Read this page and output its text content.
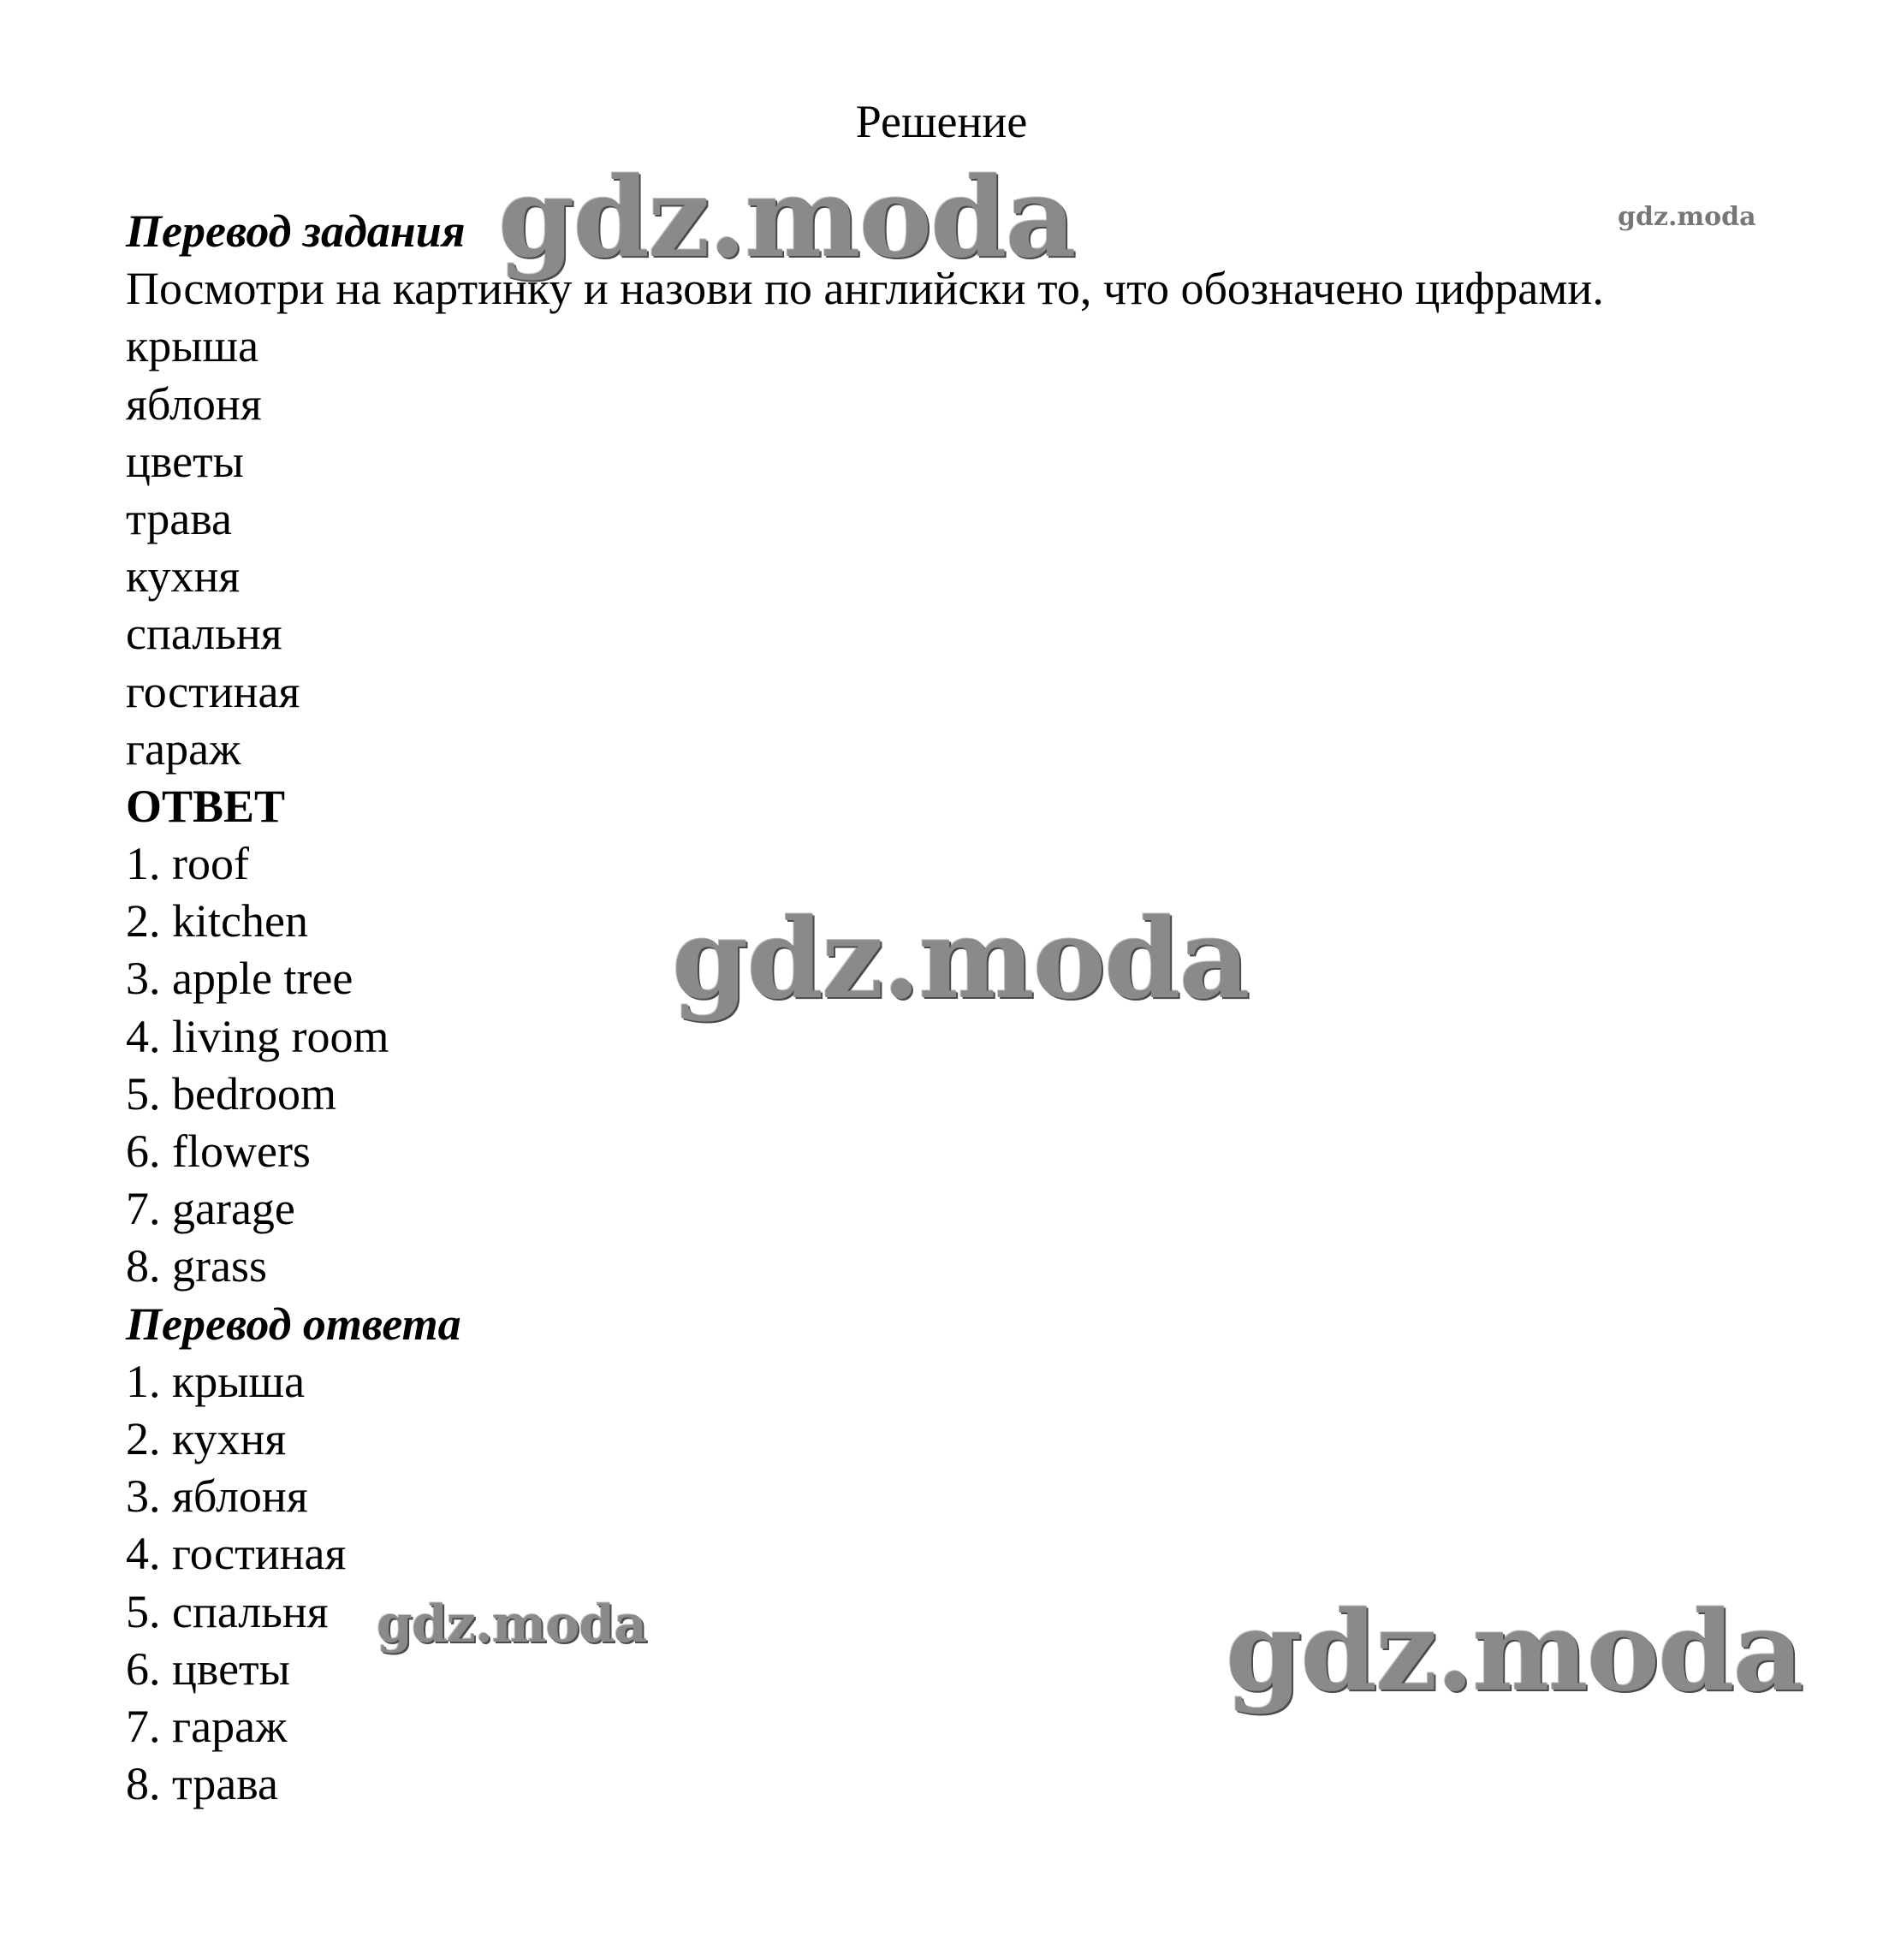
Решение
Перевод задания
Посмотри на картинку и назови по английски то, что обозначено цифрами.
крыша
яблоня
цветы
трава
кухня
спальня
гостиная
гараж
ОТВЕТ
1. roof
2. kitchen
3. apple tree
4. living room
5. bedroom
6. flowers
7. garage
8. grass
Перевод ответа
1. крыша
2. кухня
3. яблоня
4. гостиная
5. спальня
6. цветы
7. гараж
8. трава
gdz.moda	gdz.moda
gdz.moda
gdz.moda	gdz.moda
